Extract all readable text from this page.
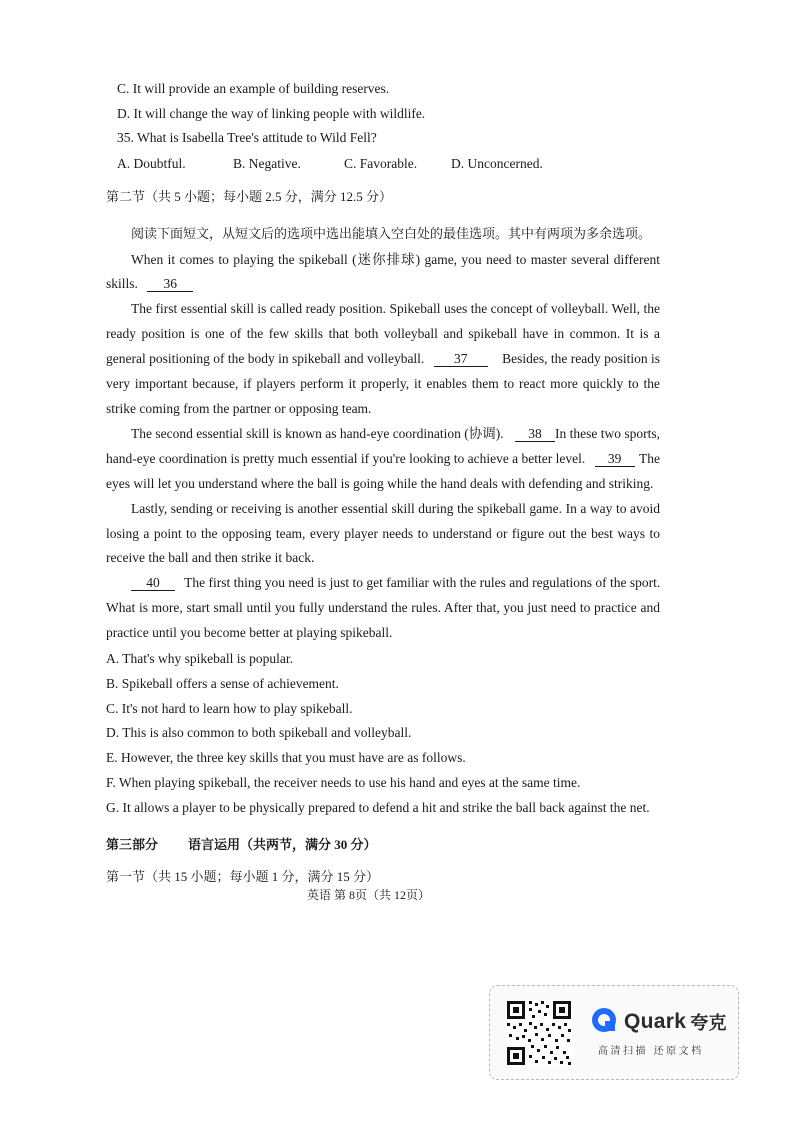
C. It will provide an example of building reserves.
D. It will change the way of linking people with wildlife.
35. What is Isabella Tree's attitude to Wild Fell?
A. Doubtful.	B. Negative.	C. Favorable.	D. Unconcerned.
第二节（共 5 小题；每小题 2.5 分，满分 12.5 分）
阅读下面短文，从短文后的选项中选出能填入空白处的最佳选项。其中有两项为多余选项。
When it comes to playing the spikeball (迷你排球) game, you need to master several different
skills. 36
The first essential skill is called ready position. Spikeball uses the concept of volleyball. Well, the
ready position is one of the few skills that both volleyball and spikeball have in common. It is a
general positioning of the body in spikeball and volleyball. 37	Besides, the ready position is
very important because, if players perform it properly, it enables them to react more quickly to the
strike coming from the partner or opposing team.
The second essential skill is known as hand-eye coordination (协调). 38 In these two sports,
hand-eye coordination is pretty much essential if you're looking to achieve a better level. 39 The
eyes will let you understand where the ball is going while the hand deals with defending and striking.
Lastly, sending or receiving is another essential skill during the spikeball game. In a way to avoid
losing a point to the opposing team, every player needs to understand or figure out the best ways to
receive the ball and then strike it back.
40 The first thing you need is just to get familiar with the rules and regulations of the sport.
What is more, start small until you fully understand the rules. After that, you just need to practice and
practice until you become better at playing spikeball.
A. That's why spikeball is popular.
B. Spikeball offers a sense of achievement.
C. It's not hard to learn how to play spikeball.
D. This is also common to both spikeball and volleyball.
E. However, the three key skills that you must have are as follows.
F. When playing spikeball, the receiver needs to use his hand and eyes at the same time.
G. It allows a player to be physically prepared to defend a hit and strike the ball back against the net.
第三部分 语言运用（共两节，满分 30 分）
第一节（共 15 小题；每小题 1 分，满分 15 分）
英语 第 8页（共 12页）
Quark 夸克
高清扫描 还原文档
